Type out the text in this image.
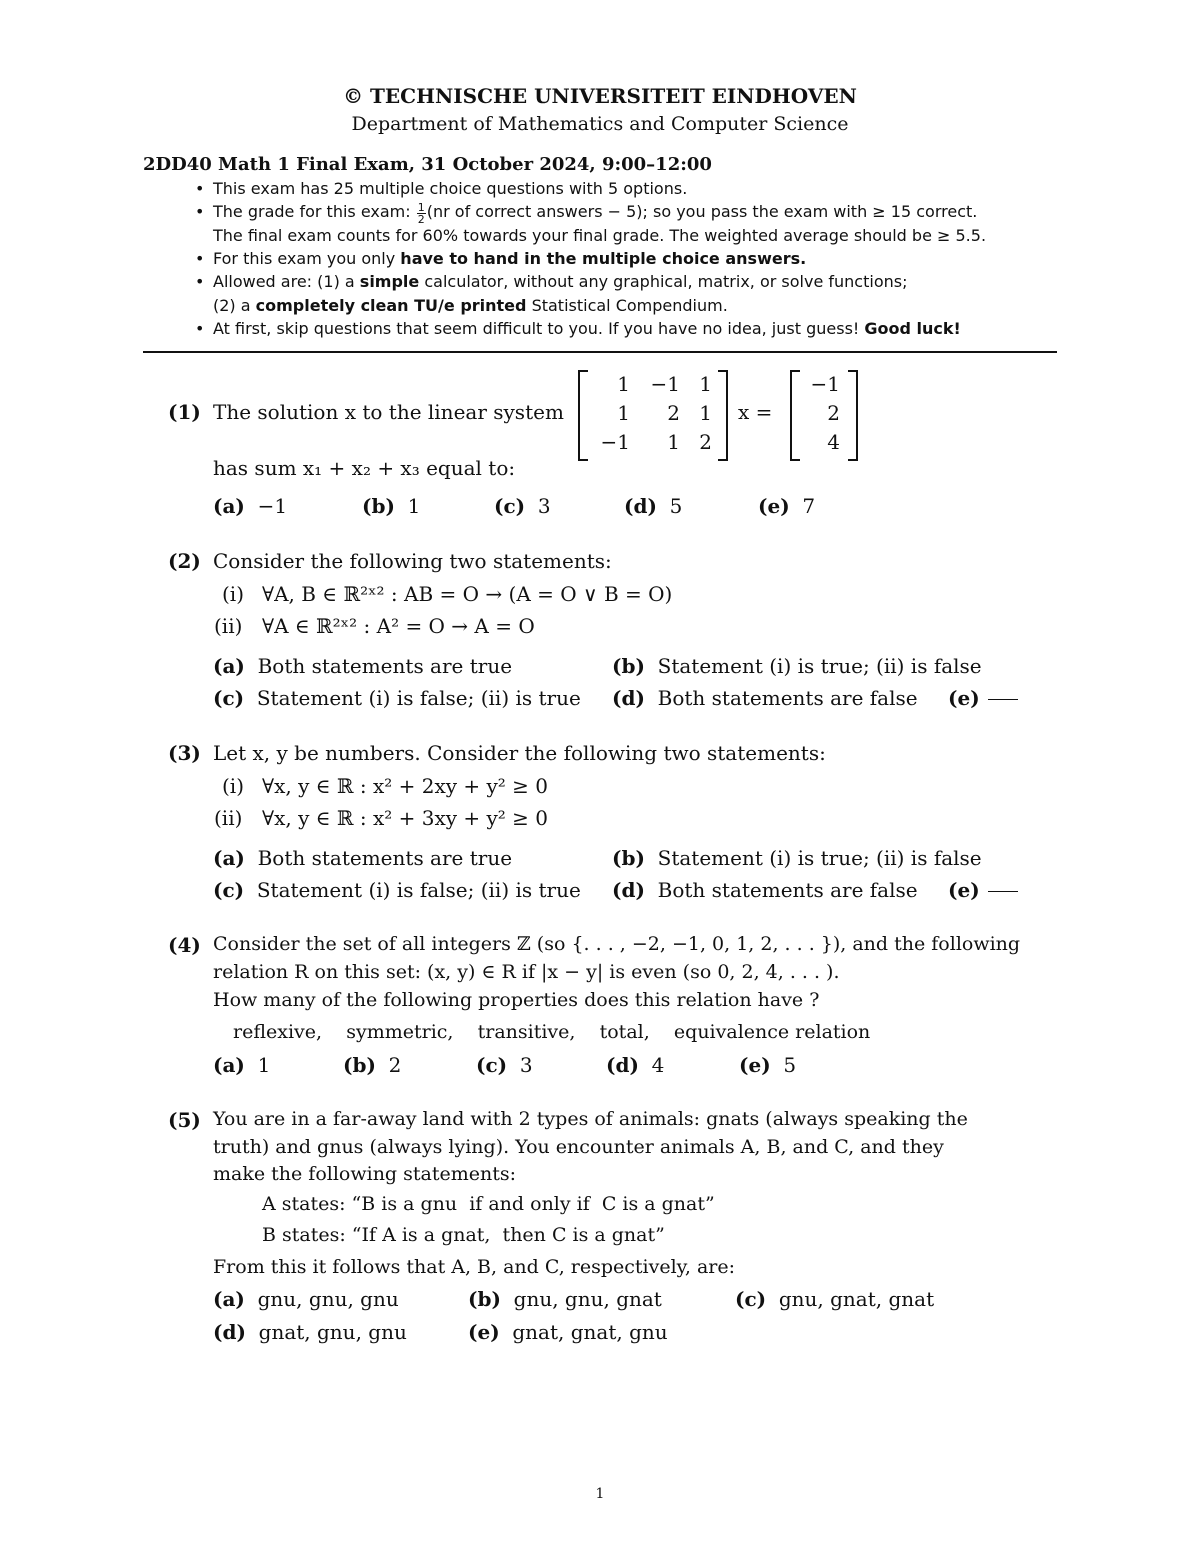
© TECHNISCHE UNIVERSITEIT EINDHOVEN
Department of Mathematics and Computer Science
2DD40 Math 1 Final Exam, 31 October 2024, 9:00–12:00
• This exam has 25 multiple choice questions with 5 options.
• The grade for this exam: $\frac{1}{2} (nr$ of correct answers − 5); so you pass the exam with ≥ 15 correct.
The final exam counts for 60% towards your final grade. The weighted average should be ≥ 5.5.
• For this exam you only have to hand in the multiple choice answers.
• Allowed are: (1) a simple calculator, without any graphical, matrix, or solve functions;
(2) a completely clean TU/e printed Statistical Compendium.
• At first, skip questions that seem difficult to you. If you have no idea, just guess! Good luck!
(1) The solution x to the linear system
1 −1 1
1 2 1
−1 1 2
x =
−1
2
4
has sum x₁ + x₂ + x₃ equal to:
(a) −1	(b) 1	(c) 3	(d) 5	(e) 7
(2) Consider the following two statements:
(i) ∀A, B ∈ ℝ²ˣ² : AB = O → (A = O ∨ B = O)
(ii) ∀A ∈ ℝ²ˣ² : A² = O → A = O
(a) Both statements are true	(b) Statement (i) is true; (ii) is false
(c) Statement (i) is false; (ii) is true (d) Both statements are false (e)
(3) Let x, y be numbers. Consider the following two statements:
(i) ∀x, y ∈ ℝ : x² + 2xy + y² ≥ 0
(ii) ∀x, y ∈ ℝ : x² + 3xy + y² ≥ 0
(a) Both statements are true	(b) Statement (i) is true; (ii) is false
(c) Statement (i) is false; (ii) is true (d) Both statements are false (e)
(4) Consider the set of all integers ℤ (so {. . . , −2, −1, 0, 1, 2, . . . }), and the following
relation R on this set: (x, y) ∈ R if |x − y| is even (so 0, 2, 4, . . . ).
How many of the following properties does this relation have ?
reflexive,    symmetric,    transitive,    total,    equivalence relation
(a) 1	(b) 2	(c) 3	(d) 4	(e) 5
(5) You are in a far-away land with 2 types of animals: gnats (always speaking the
truth) and gnus (always lying). You encounter animals A, B, and C, and they
make the following statements:
A states: “B is a gnu  if and only if  C is a gnat”
B states: “If A is a gnat,  then C is a gnat”
From this it follows that A, B, and C, respectively, are:
(a) gnu, gnu, gnu	(b) gnu, gnu, gnat	(c) gnu, gnat, gnat
(d) gnat, gnu, gnu	(e) gnat, gnat, gnu
1
